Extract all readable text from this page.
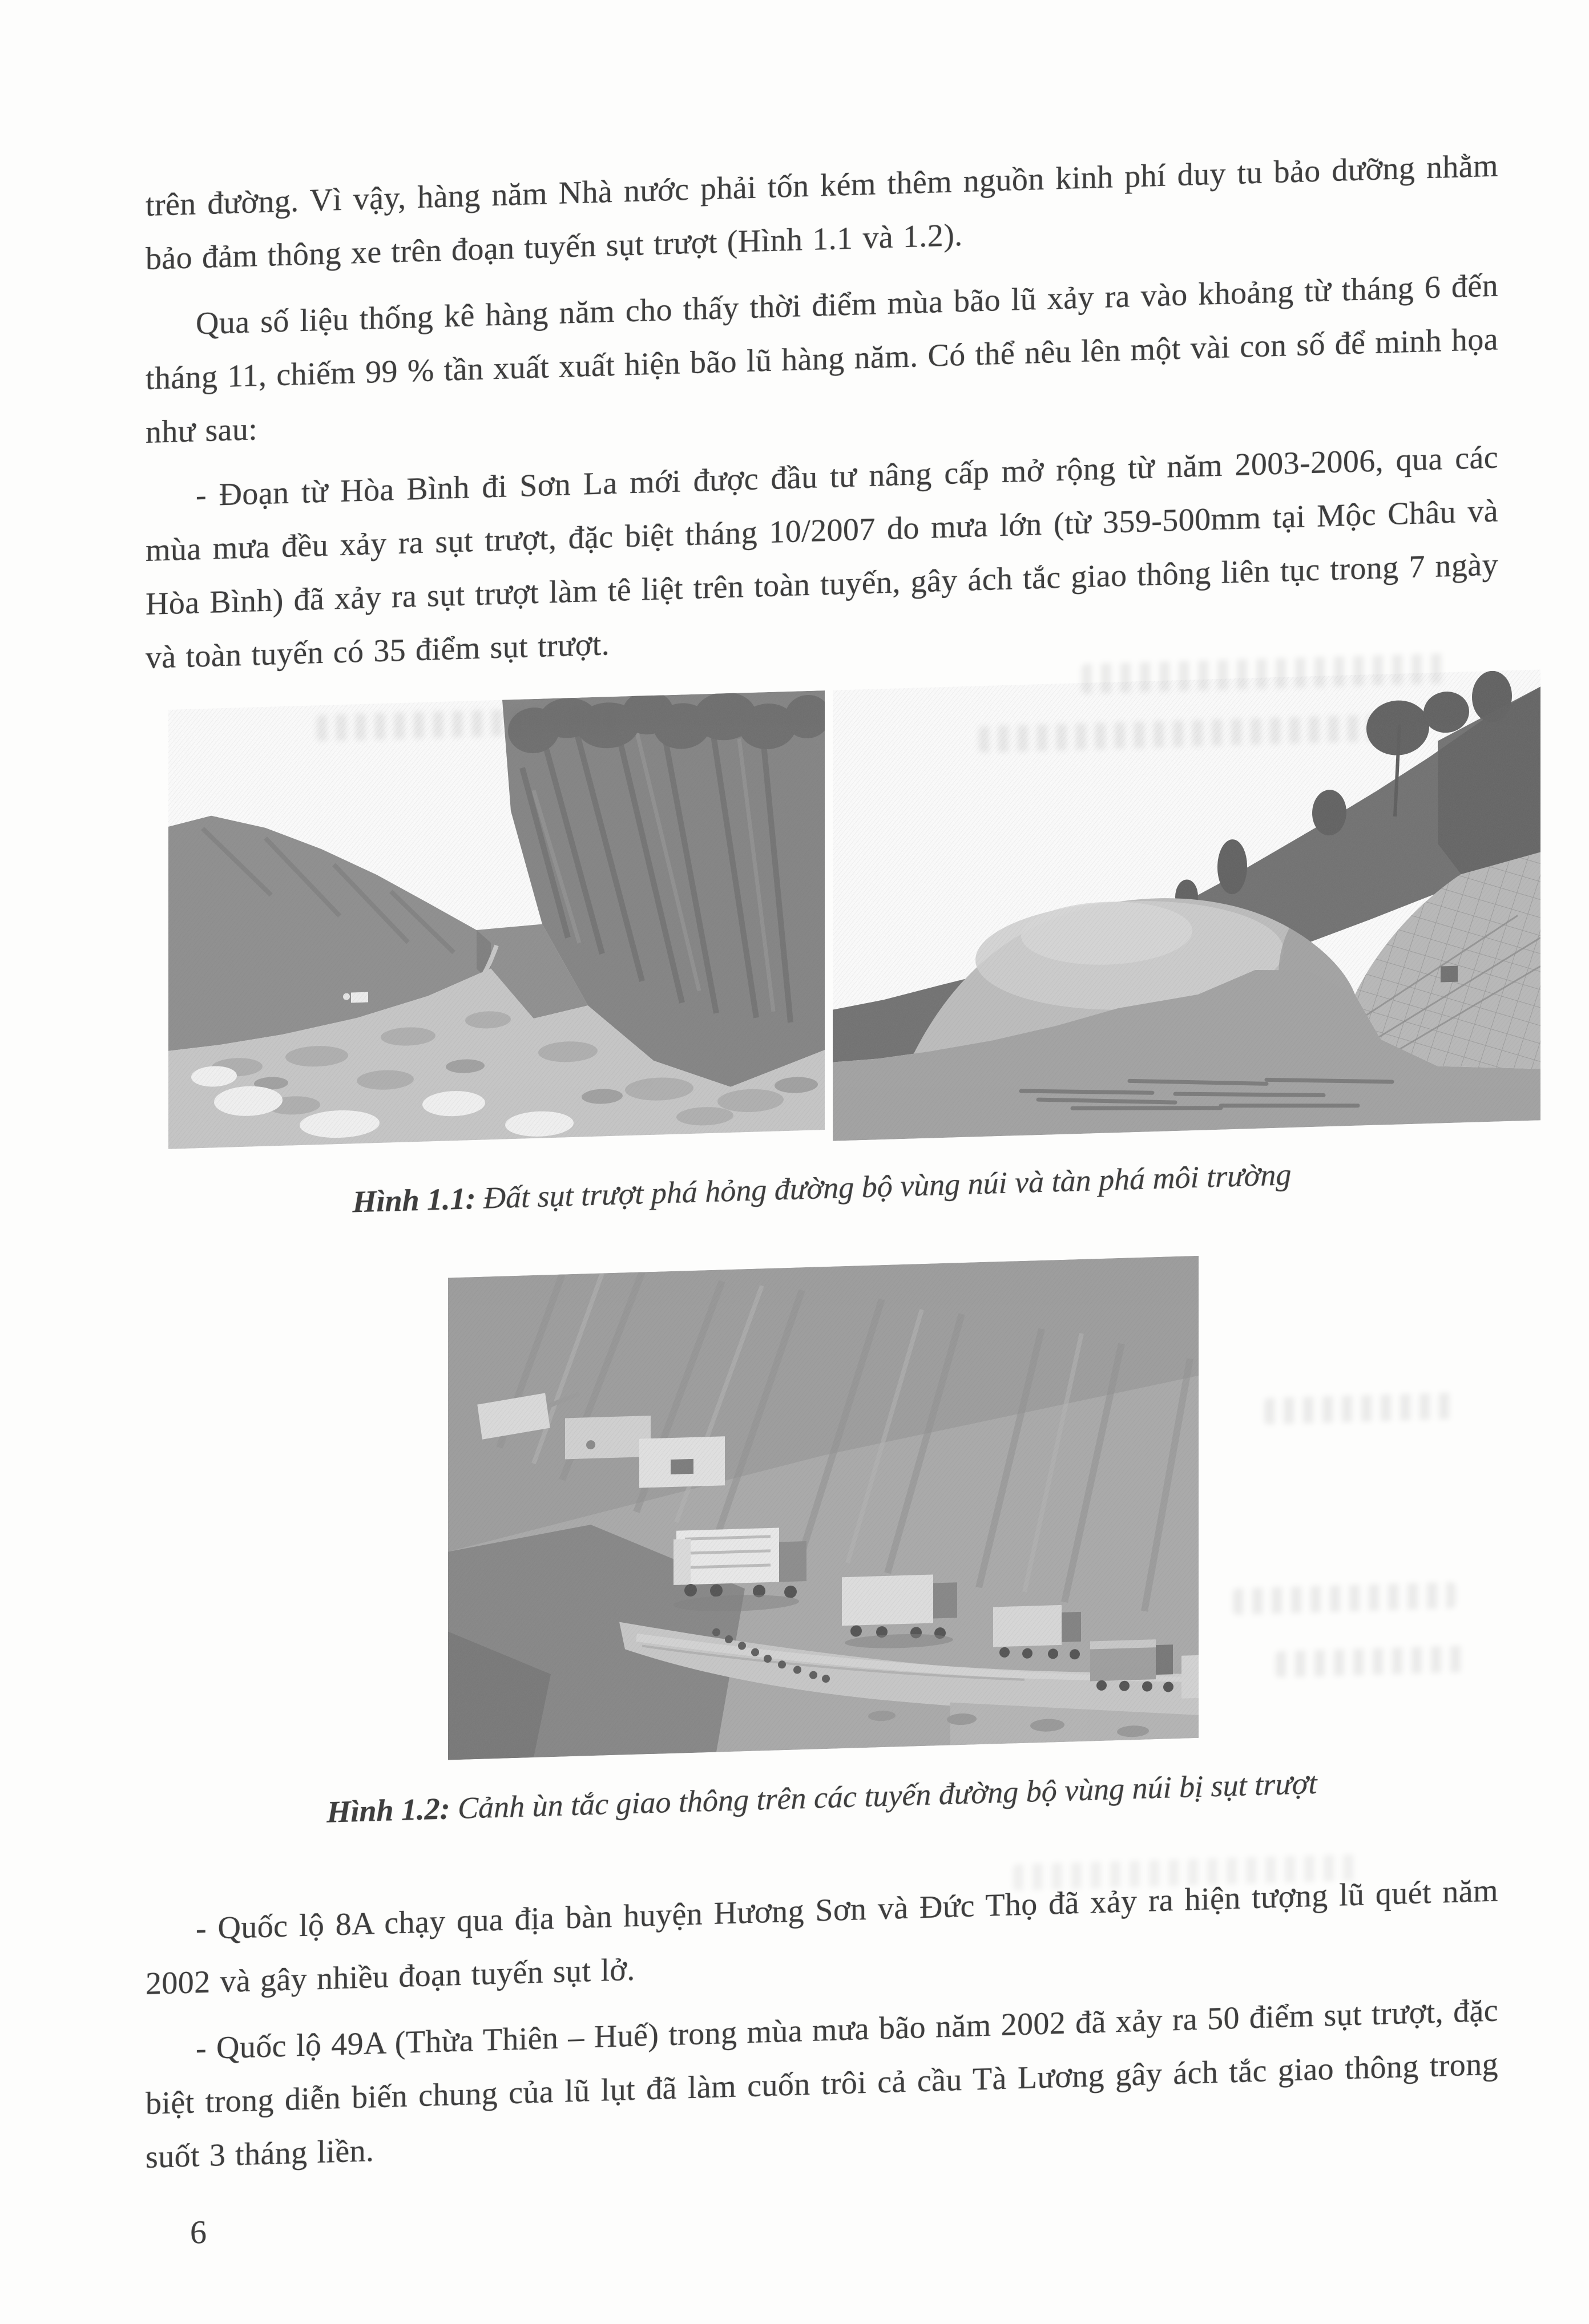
trên đường. Vì vậy, hàng năm Nhà nước phải tốn kém thêm nguồn kinh phí duy tu bảo dưỡng nhằm bảo đảm thông xe trên đoạn tuyến sụt trượt (Hình 1.1 và 1.2).

Qua số liệu thống kê hàng năm cho thấy thời điểm mùa bão lũ xảy ra vào khoảng từ tháng 6 đến tháng 11, chiếm 99 % tần xuất xuất hiện bão lũ hàng năm. Có thể nêu lên một vài con số để minh họa như sau:

- Đoạn từ Hòa Bình đi Sơn La mới được đầu tư nâng cấp mở rộng từ năm 2003-2006, qua các mùa mưa đều xảy ra sụt trượt, đặc biệt tháng 10/2007 do mưa lớn (từ 359-500mm tại Mộc Châu và Hòa Bình) đã xảy ra sụt trượt làm tê liệt trên toàn tuyến, gây ách tắc giao thông liên tục trong 7 ngày và toàn tuyến có 35 điểm sụt trượt.

Hình 1.1: Đất sụt trượt phá hỏng đường bộ vùng núi và tàn phá môi trường
Hình 1.2: Cảnh ùn tắc giao thông trên các tuyến đường bộ vùng núi bị sụt trượt

- Quốc lộ 8A chạy qua địa bàn huyện Hương Sơn và Đức Thọ đã xảy ra hiện tượng lũ quét năm 2002 và gây nhiều đoạn tuyến sụt lở.

- Quốc lộ 49A (Thừa Thiên – Huế) trong mùa mưa bão năm 2002 đã xảy ra 50 điểm sụt trượt, đặc biệt trong diễn biến chung của lũ lụt đã làm cuốn trôi cả cầu Tà Lương gây ách tắc giao thông trong suốt 3 tháng liền.

6
